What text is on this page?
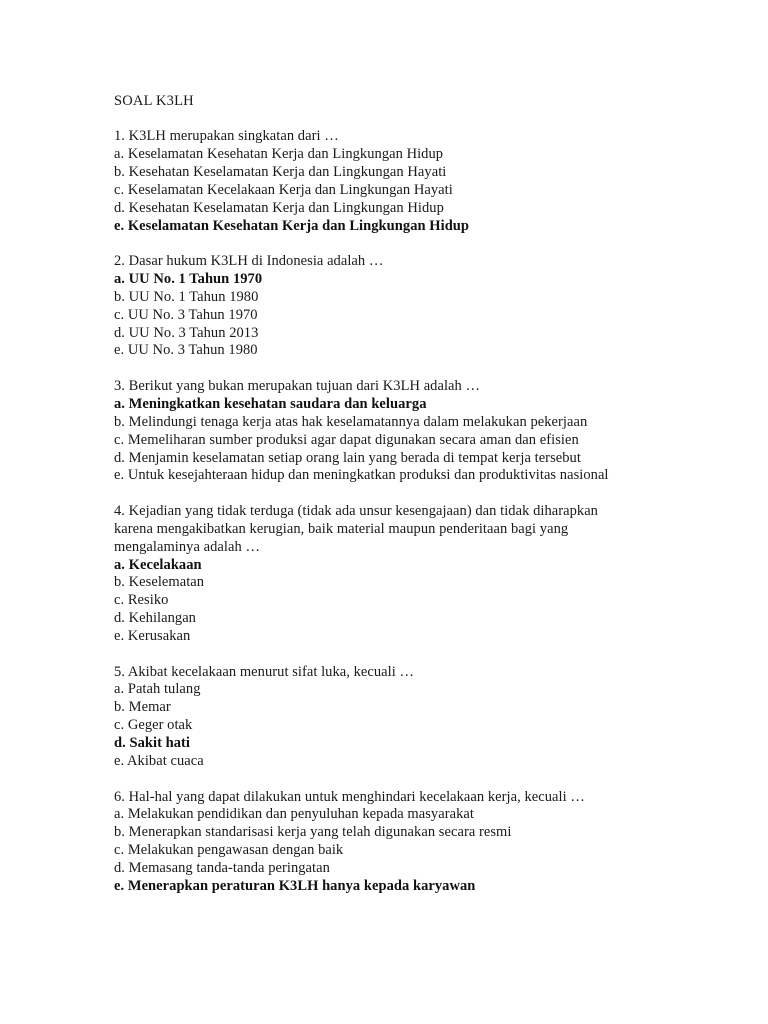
SOAL K3LH
1. K3LH merupakan singkatan dari …
a. Keselamatan Kesehatan Kerja dan Lingkungan Hidup
b. Kesehatan Keselamatan Kerja dan Lingkungan Hayati
c. Keselamatan Kecelakaan Kerja dan Lingkungan Hayati
d. Kesehatan Keselamatan Kerja dan Lingkungan Hidup
e. Keselamatan Kesehatan Kerja dan Lingkungan Hidup
2. Dasar hukum K3LH di Indonesia adalah …
a. UU No. 1 Tahun 1970
b. UU No. 1 Tahun 1980
c. UU No. 3 Tahun 1970
d. UU No. 3 Tahun 2013
e. UU No. 3 Tahun 1980
3. Berikut yang bukan merupakan tujuan dari K3LH adalah …
a. Meningkatkan kesehatan saudara dan keluarga
b. Melindungi tenaga kerja atas hak keselamatannya dalam melakukan pekerjaan
c. Memeliharan sumber produksi agar dapat digunakan secara aman dan efisien
d. Menjamin keselamatan setiap orang lain yang berada di tempat kerja tersebut
e. Untuk kesejahteraan hidup dan meningkatkan produksi dan produktivitas nasional
4. Kejadian yang tidak terduga (tidak ada unsur kesengajaan) dan tidak diharapkan
karena mengakibatkan kerugian, baik material maupun penderitaan bagi yang
mengalaminya adalah …
a. Kecelakaan
b. Keselematan
c. Resiko
d. Kehilangan
e. Kerusakan
5. Akibat kecelakaan menurut sifat luka, kecuali …
a. Patah tulang
b. Memar
c. Geger otak
d. Sakit hati
e. Akibat cuaca
6. Hal-hal yang dapat dilakukan untuk menghindari kecelakaan kerja, kecuali …
a. Melakukan pendidikan dan penyuluhan kepada masyarakat
b. Menerapkan standarisasi kerja yang telah digunakan secara resmi
c. Melakukan pengawasan dengan baik
d. Memasang tanda-tanda peringatan
e. Menerapkan peraturan K3LH hanya kepada karyawan
